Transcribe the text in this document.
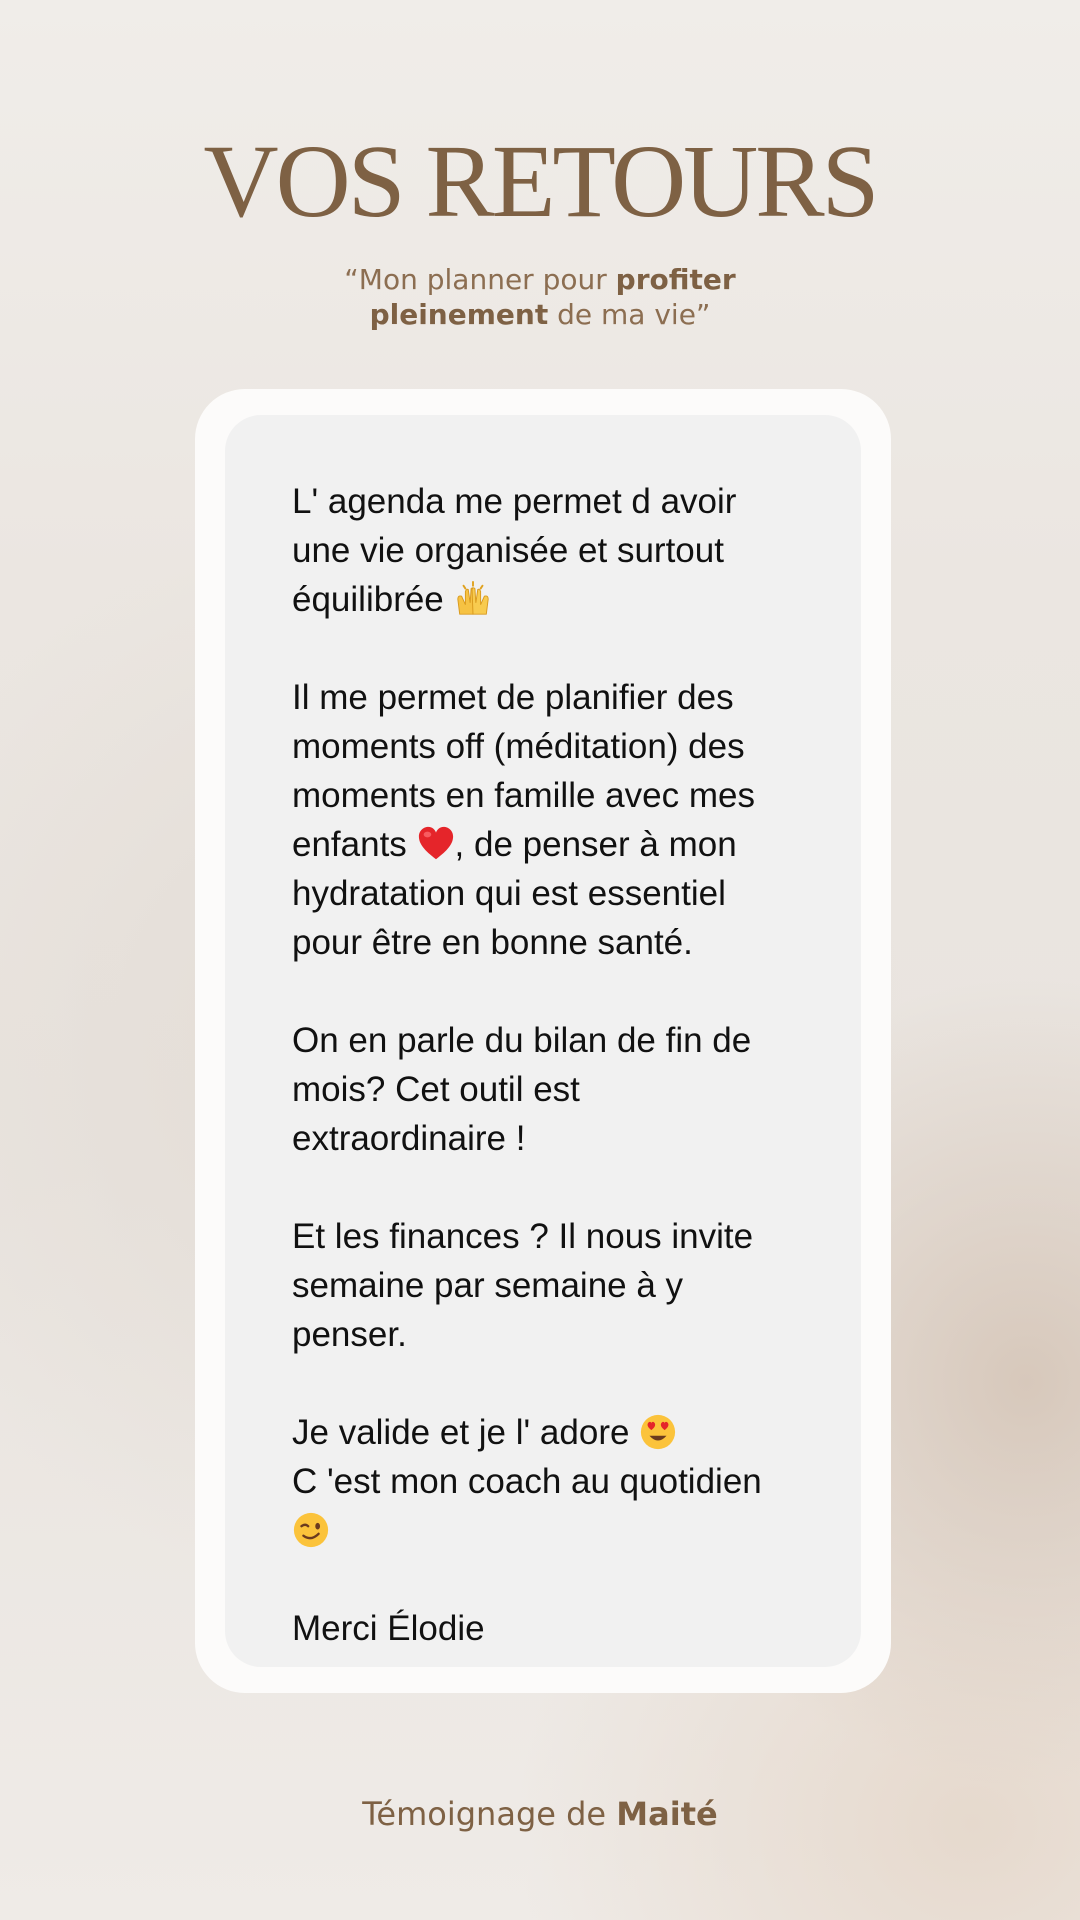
VOS RETOURS
“Mon planner pour profiter
pleinement de ma vie”
L' agenda me permet d avoir
une vie organisée et surtout
équilibrée
Il me permet de planifier des
moments off (méditation) des
moments en famille avec mes
enfants , de penser à mon
hydratation qui est essentiel
pour être en bonne santé.
On en parle du bilan de fin de
mois? Cet outil est
extraordinaire !
Et les finances ? Il nous invite
semaine par semaine à y
penser.
Je valide et je l' adore
C 'est mon coach au quotidien
Merci Élodie
Témoignage de Maité
